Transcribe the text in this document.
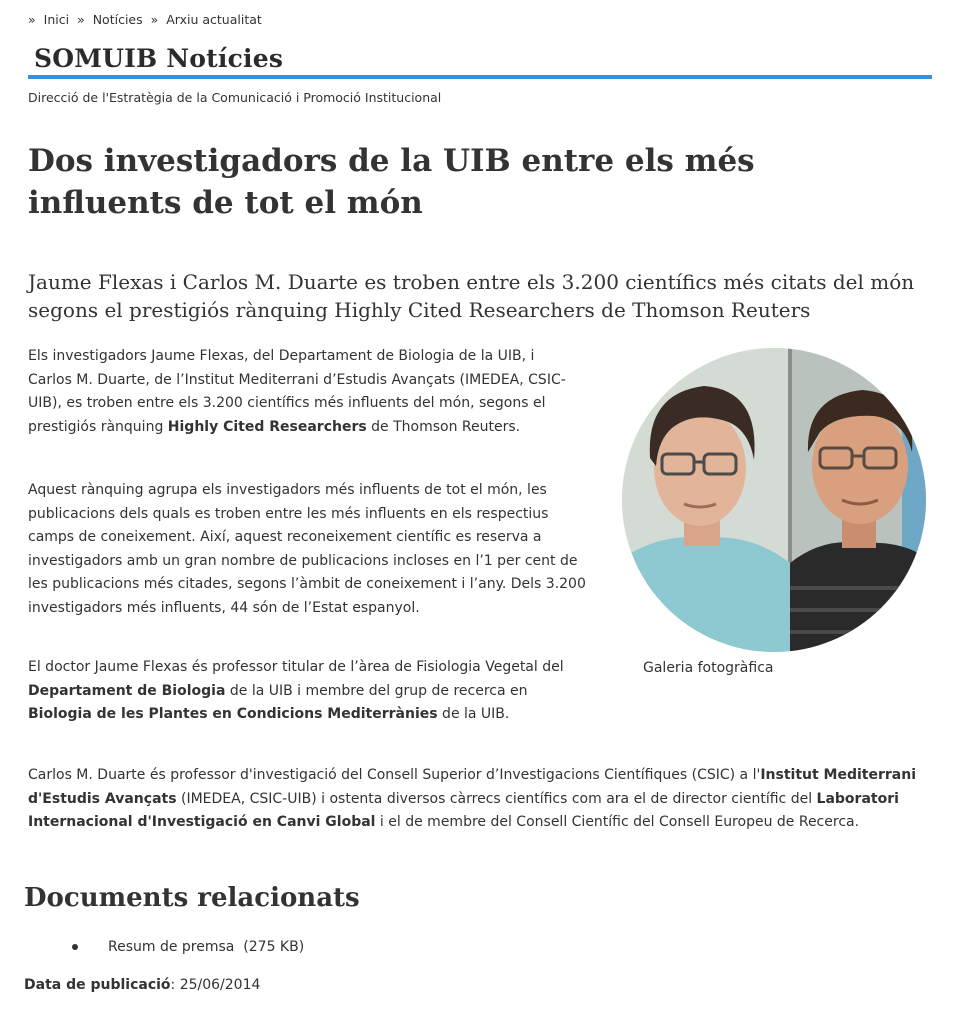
» Inici » Notícies » Arxiu actualitat
SOMUIB Notícies
Direcció de l'Estratègia de la Comunicació i Promoció Institucional
Dos investigadors de la UIB entre els més influents de tot el món

Jaume Flexas i Carlos M. Duarte es troben entre els 3.200 científics més citats del món segons el prestigiós rànquing Highly Cited Researchers de Thomson Reuters

Els investigadors Jaume Flexas, del Departament de Biologia de la UIB, i Carlos M. Duarte, de l’Institut Mediterrani d’Estudis Avançats (IMEDEA, CSIC-UIB), es troben entre els 3.200 científics més influents del món, segons el prestigiós rànquing Highly Cited Researchers de Thomson Reuters.

Aquest rànquing agrupa els investigadors més influents de tot el món, les publicacions dels quals es troben entre les més influents en els respectius camps de coneixement. Així, aquest reconeixement científic es reserva a investigadors amb un gran nombre de publicacions incloses en l’1 per cent de les publicacions més citades, segons l’àmbit de coneixement i l’any. Dels 3.200 investigadors més influents, 44 són de l’Estat espanyol.

El doctor Jaume Flexas és professor titular de l’àrea de Fisiologia Vegetal del Departament de Biologia de la UIB i membre del grup de recerca en Biologia de les Plantes en Condicions Mediterrànies de la UIB.

Carlos M. Duarte és professor d'investigació del Consell Superior d’Investigacions Científiques (CSIC) a l'Institut Mediterrani d'Estudis Avançats (IMEDEA, CSIC-UIB) i ostenta diversos càrrecs científics com ara el de director científic del Laboratori Internacional d'Investigació en Canvi Global i el de membre del Consell Científic del Consell Europeu de Recerca.

Galeria fotogràfica
Documents relacionats
Resum de premsa (275 KB)
Data de publicació: 25/06/2014
